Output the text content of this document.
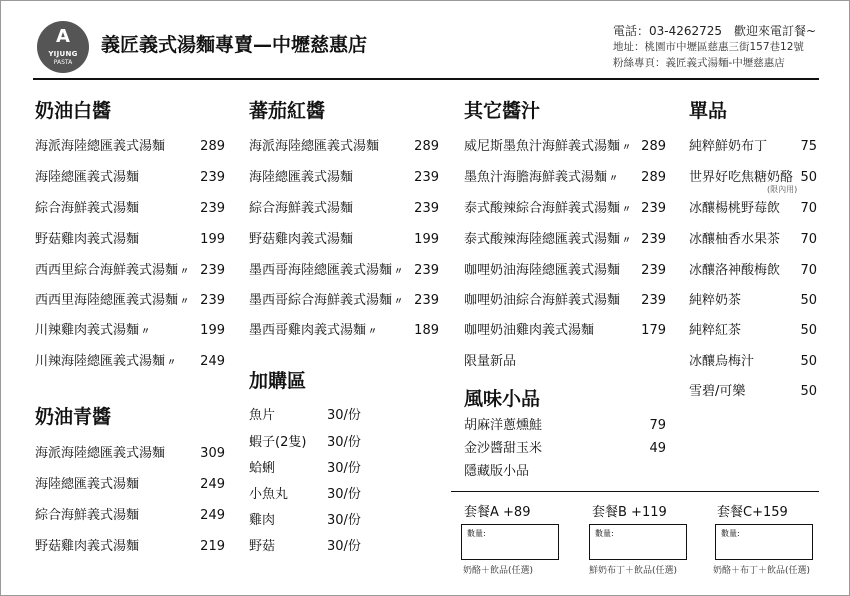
A
YIJUNG
PASTA
義匠義式湯麵專賣—中壢慈惠店
電話：03-4262725　歡迎來電訂餐~
地址：桃園市中壢區慈惠三街157巷12號
粉絲專頁：義匠義式湯麵-中壢慈惠店
奶油白醬
海派海陸總匯義式湯麵	289
海陸總匯義式湯麵	239
綜合海鮮義式湯麵	239
野菇雞肉義式湯麵	199
西西里綜合海鮮義式湯麵 〃 239
西西里海陸總匯義式湯麵 〃 239
川辣雞肉義式湯麵 〃	199
川辣海陸總匯義式湯麵 〃	249
奶油青醬
海派海陸總匯義式湯麵	309
海陸總匯義式湯麵	249
綜合海鮮義式湯麵	249
野菇雞肉義式湯麵	219
蕃茄紅醬
海派海陸總匯義式湯麵	289
海陸總匯義式湯麵	239
綜合海鮮義式湯麵	239
野菇雞肉義式湯麵	199
墨西哥海陸總匯義式湯麵 〃 239
墨西哥綜合海鮮義式湯麵 〃 239
墨西哥雞肉義式湯麵 〃	189
加購區
魚片	30/份
蝦子(2隻) 30/份
蛤蜊	30/份
小魚丸	30/份
雞肉	30/份
野菇	30/份
其它醬汁
威尼斯墨魚汁海鮮義式湯麵 〃 289
墨魚汁海膽海鮮義式湯麵 〃	289
泰式酸辣綜合海鮮義式湯麵 〃 239
泰式酸辣海陸總匯義式湯麵 〃 239
咖哩奶油海陸總匯義式湯麵	239
咖哩奶油綜合海鮮義式湯麵	239
咖哩奶油雞肉義式湯麵	179
限量新品
風味小品
胡麻洋蔥燻鮭	79
金沙醬甜玉米	49
隱藏版小品
單品
純粹鮮奶布丁	75
世界好吃焦糖奶酪 50
(限內用)
冰釀楊桃野莓飲	70
冰釀柚香水果茶	70
冰釀洛神酸梅飲	70
純粹奶茶	50
純粹紅茶	50
冰釀烏梅汁	50
雪碧/可樂	50
套餐A +89
數量:
奶酪＋飲品(任選)
套餐B +119
數量:
鮮奶布丁＋飲品(任選)
套餐C+159
數量:
奶酪＋布丁＋飲品(任選)
